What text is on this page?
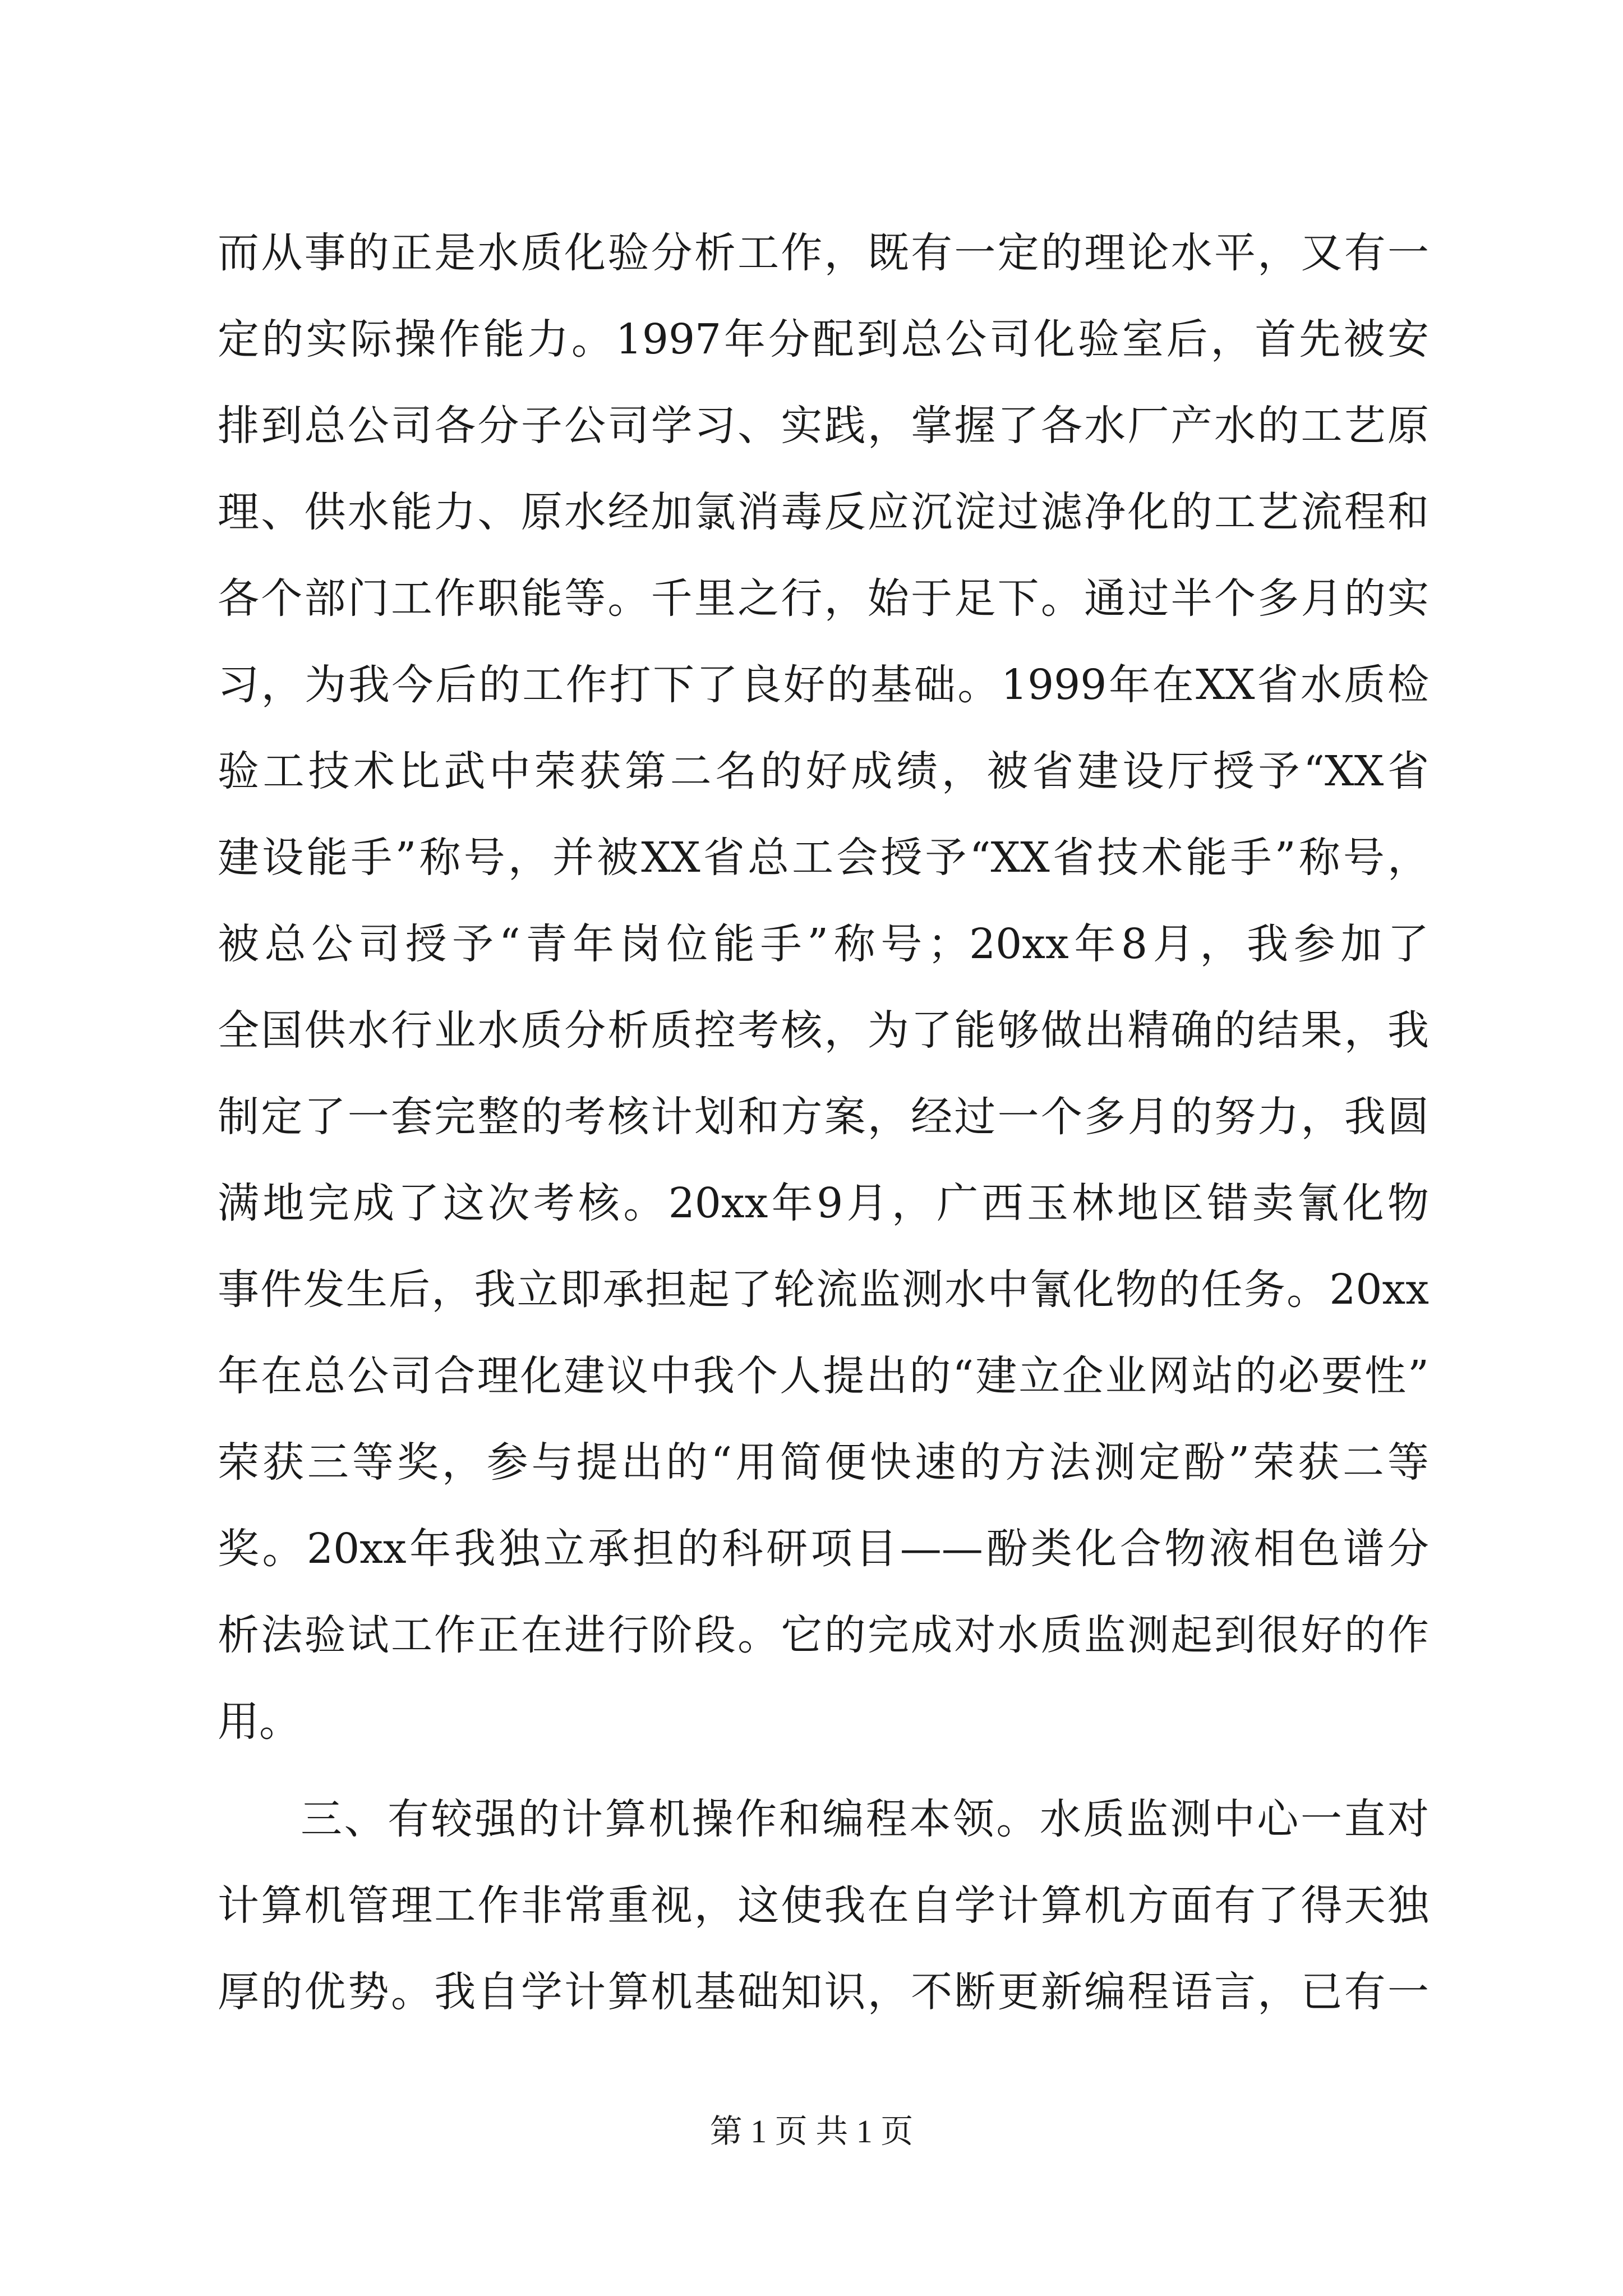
而从事的正是水质化验分析工作，既有一定的理论水平，又有一
定的实际操作能力。1997年分配到总公司化验室后，首先被安
排到总公司各分子公司学习、实践，掌握了各水厂产水的工艺原
理、供水能力、原水经加氯消毒反应沉淀过滤净化的工艺流程和
各个部门工作职能等。千里之行，始于足下。通过半个多月的实
习，为我今后的工作打下了良好的基础。1999年在XX省水质检
验工技术比武中荣获第二名的好成绩，被省建设厅授予“XX省
建设能手”称号，并被XX省总工会授予“XX省技术能手”称号，
被总公司授予“青年岗位能手”称号；20xx年8月，我参加了
全国供水行业水质分析质控考核，为了能够做出精确的结果，我
制定了一套完整的考核计划和方案，经过一个多月的努力，我圆
满地完成了这次考核。20xx年9月，广西玉林地区错卖氰化物
事件发生后，我立即承担起了轮流监测水中氰化物的任务。20xx
年在总公司合理化建议中我个人提出的“建立企业网站的必要性”
荣获三等奖，参与提出的“用简便快速的方法测定酚”荣获二等
奖。20xx年我独立承担的科研项目——酚类化合物液相色谱分
析法验试工作正在进行阶段。它的完成对水质监测起到很好的作
用。
三、有较强的计算机操作和编程本领。水质监测中心一直对
计算机管理工作非常重视，这使我在自学计算机方面有了得天独
厚的优势。我自学计算机基础知识，不断更新编程语言，已有一
第 1 页 共 1 页
